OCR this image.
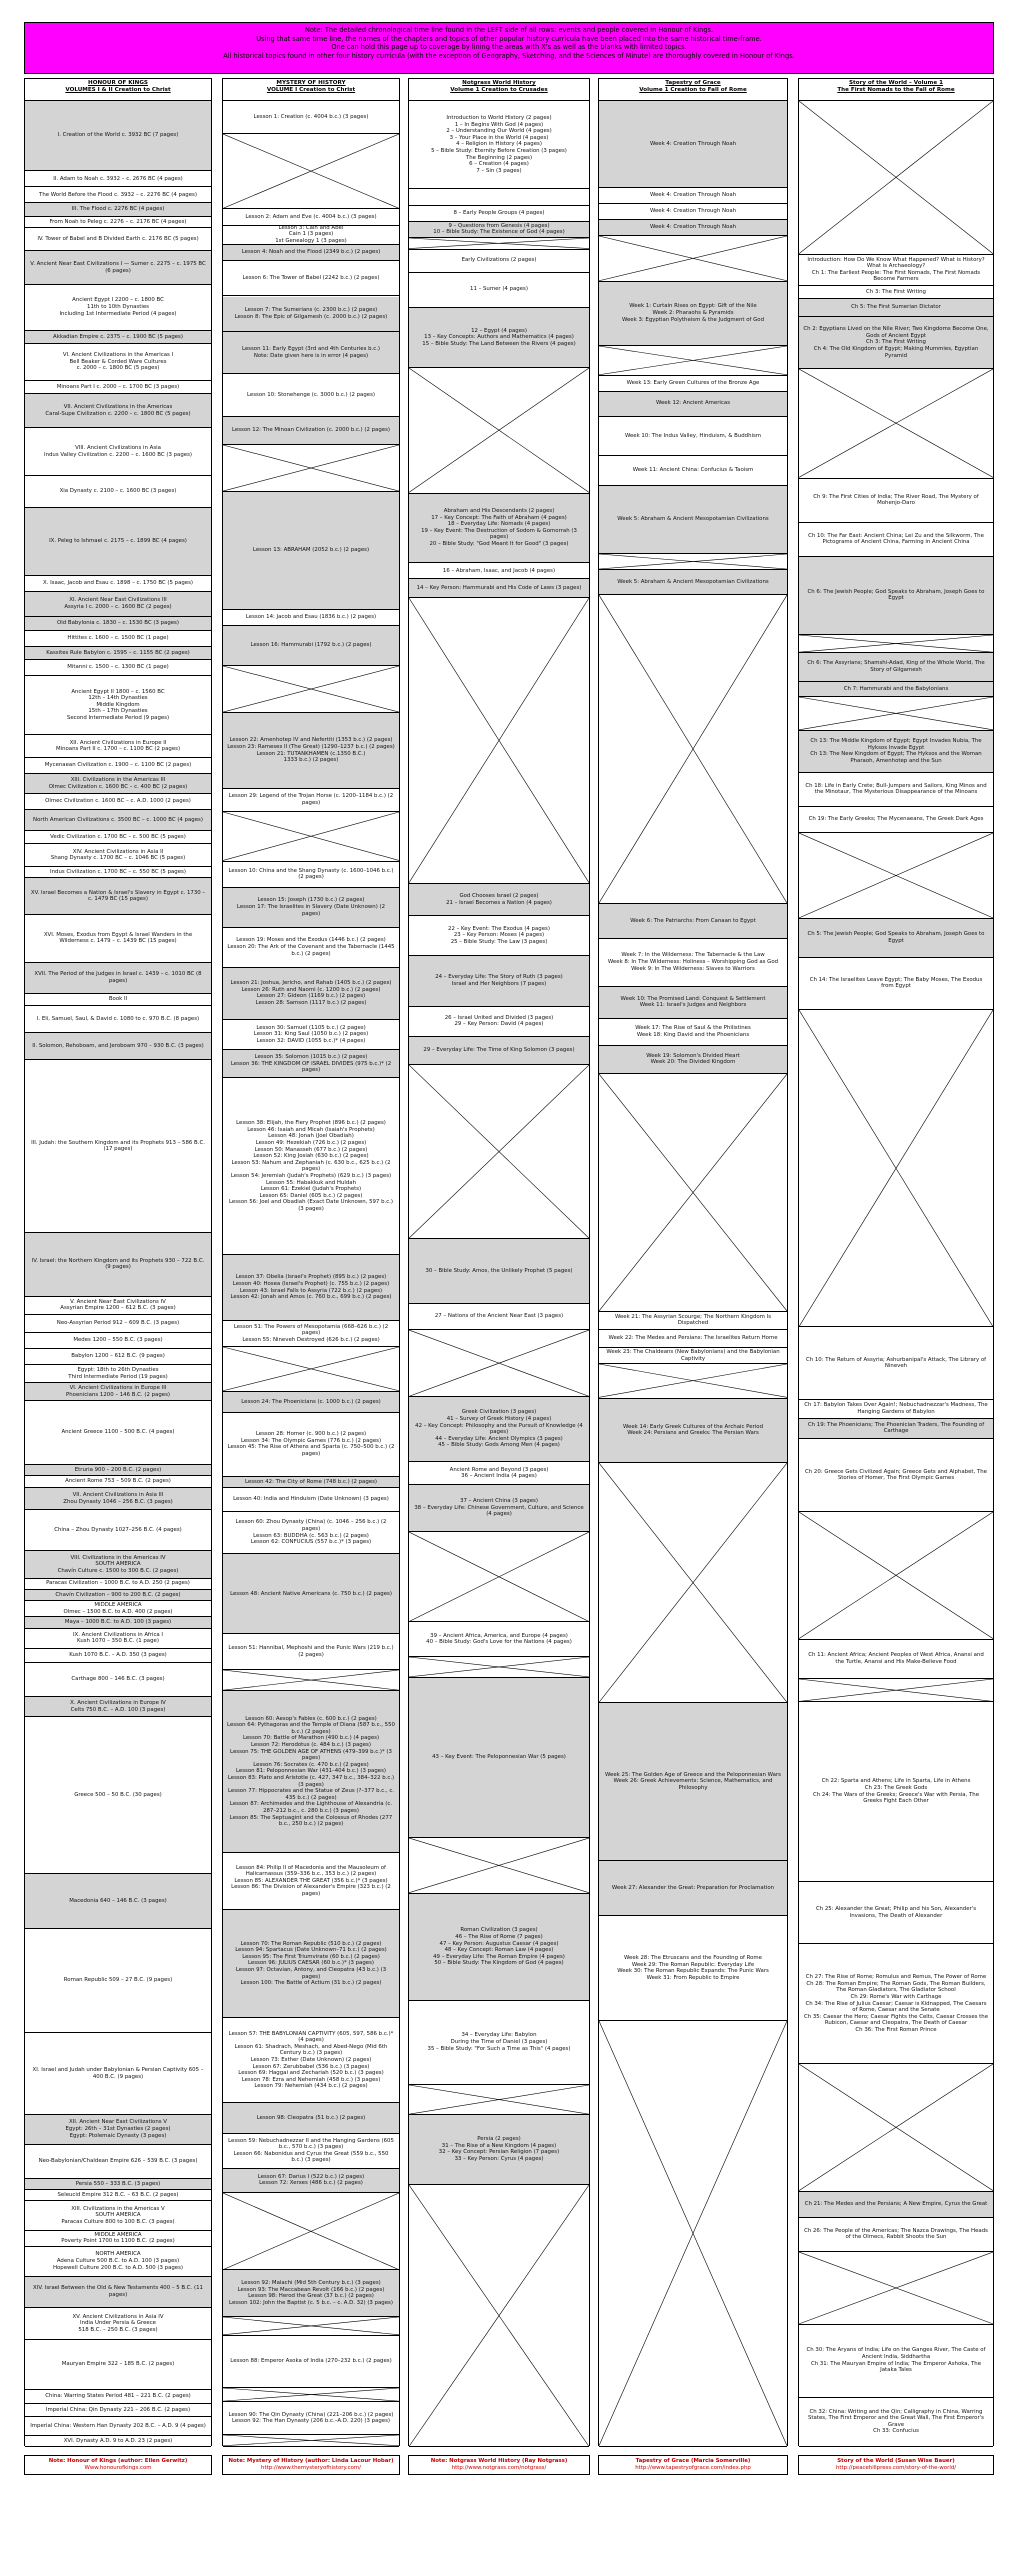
Note: The detailed chronological time line found in the LEFT side of all rows: events and people covered in Honour of Kings.
Using that same time line, the names of the chapters and topics of other popular history curricula have been placed into the same historical time-frame.
One can hold this page up to coverage by lining the areas with X's as well as the blanks with limited topics.
All historical topics found in other four history curricula (with the exception of Geography, Sketching, and the Sciences of Minute) are thoroughly covered in Honour of Kings.
HONOUR OF KINGS
VOLUMES I & II Creation to Christ
I. Creation of the World c. 3932 BC (7 pages)
II. Adam to Noah c. 3932 – c. 2676 BC (4 pages)
The World Before the Flood c. 3932 – c. 2276 BC (4 pages)
III. The Flood c. 2276 BC (4 pages)
From Noah to Peleg c. 2276 – c. 2176 BC (4 pages)
IV. Tower of Babel and B Divided Earth c. 2176 BC (5 pages)
V. Ancient Near East Civilizations I — Sumer c. 2275 – c. 1975 BC (6 pages)
Ancient Egypt I 2200 – c. 1800 BC
11th to 10th Dynasties
Including 1st Intermediate Period (4 pages)
Akkadian Empire c. 2375 – c. 1900 BC (5 pages)
VI. Ancient Civilizations in the Americas I
Bell Beaker & Corded Ware Cultures
c. 2000 – c. 1800 BC (5 pages)
Minoans Part I c. 2000 – c. 1700 BC (3 pages)
VII. Ancient Civilizations in the Americas
Caral-Supe Civilization c. 2200 – c. 1800 BC (5 pages)
VIII. Ancient Civilizations in Asia
Indus Valley Civilization c. 2200 – c. 1600 BC (3 pages)
Xia Dynasty c. 2100 – c. 1600 BC (3 pages)
IX. Peleg to Ishmael c. 2175 – c. 1899 BC (4 pages)
X. Isaac, Jacob and Esau c. 1898 – c. 1750 BC (5 pages)
XI. Ancient Near East Civilizations III
Assyria I c. 2000 – c. 1600 BC (2 pages)
Old Babylonia c. 1830 – c. 1530 BC (3 pages)
Hittites c. 1600 – c. 1500 BC (1 page)
Kassites Rule Babylon c. 1595 – c. 1155 BC (2 pages)
Mitanni c. 1500 – c. 1300 BC (1 page)
Ancient Egypt II 1800 – c. 1560 BC
12th – 14th Dynasties
Middle Kingdom
15th – 17th Dynasties
Second Intermediate Period (9 pages)
XII. Ancient Civilizations in Europe II
Minoans Part II c. 1700 – c. 1100 BC (2 pages)
Mycenaean Civilization c. 1900 – c. 1100 BC (2 pages)
XIII. Civilizations in the Americas III
Olmec Civilization c. 1600 BC – c. 400 BC (2 pages)
Olmec Civilization c. 1600 BC – c. A.D. 1000 (2 pages)
North American Civilizations c. 3500 BC – c. 1000 BC (4 pages)
Vedic Civilization c. 1700 BC – c. 500 BC (5 pages)
XIV. Ancient Civilizations in Asia II
Shang Dynasty c. 1700 BC – c. 1046 BC (5 pages)
Indus Civilization c. 1700 BC – c. 550 BC (5 pages)
XV. Israel Becomes a Nation & Israel's Slavery in Egypt c. 1730 – c. 1479 BC (15 pages)
XVI. Moses, Exodus from Egypt & Israel Wanders in the Wilderness c. 1479 – c. 1439 BC (15 pages)
XVII. The Period of the Judges in Israel c. 1439 – c. 1010 BC (8 pages)
Book II
I. Eli, Samuel, Saul, & David c. 1080 to c. 970 B.C. (8 pages)
II. Solomon, Rehoboam, and Jeroboam 970 – 930 B.C. (3 pages)
III. Judah: the Southern Kingdom and its Prophets 913 – 586 B.C. (17 pages)
IV. Israel: the Northern Kingdom and its Prophets 930 – 722 B.C. (9 pages)
V. Ancient Near East Civilizations IV
Assyrian Empire 1200 – 612 B.C. (3 pages)
Neo-Assyrian Period 912 – 609 B.C. (3 pages)
Medes 1200 – 550 B.C. (3 pages)
Babylon 1200 – 612 B.C. (9 pages)
Egypt: 18th to 26th Dynasties
Third Intermediate Period (19 pages)
VI. Ancient Civilizations in Europe III
Phoenicians 1200 – 146 B.C. (2 pages)
Ancient Greece 1100 – 500 B.C. (4 pages)
Etruria 900 – 200 B.C. (2 pages)
Ancient Rome 753 – 509 B.C. (2 pages)
VII. Ancient Civilizations in Asia III
Zhou Dynasty 1046 – 256 B.C. (3 pages)
China – Zhou Dynasty 1027–256 B.C. (4 pages)
VIII. Civilizations in the Americas IV
SOUTH AMERICA
Chavín Culture c. 1500 to 300 B.C. (2 pages)
Paracas Civilization – 1000 B.C. to A.D. 250 (2 pages)
Chavín Civilization – 900 to 200 B.C. (2 pages)
MIDDLE AMERICA
Olmec – 1500 B.C. to A.D. 400 (2 pages)
Maya – 1000 B.C. to A.D. 100 (3 pages)
IX. Ancient Civilizations in Africa I
Kush 1070 – 350 B.C. (1 page)
Kush 1070 B.C. – A.D. 350 (3 pages)
Carthage 800 – 146 B.C. (3 pages)
X. Ancient Civilizations in Europe IV
Celts 750 B.C. – A.D. 100 (3 pages)
Greece 500 – 50 B.C. (30 pages)
Macedonia 640 – 146 B.C. (3 pages)
Roman Republic 509 – 27 B.C. (9 pages)
XI. Israel and Judah under Babylonian & Persian Captivity 605 – 400 B.C. (9 pages)
XII. Ancient Near East Civilizations V
Egypt: 26th – 31st Dynasties (2 pages)
Egypt: Ptolemaic Dynasty (3 pages)
Neo-Babylonian/Chaldean Empire 626 – 539 B.C. (3 pages)
Persia 550 – 333 B.C. (3 pages)
Seleucid Empire 312 B.C. – 63 B.C. (2 pages)
XIII. Civilizations in the Americas V
SOUTH AMERICA
Paracas Culture 800 to 100 B.C. (3 pages)
MIDDLE AMERICA
Poverty Point 1700 to 1100 B.C. (2 pages)
NORTH AMERICA
Adena Culture 500 B.C. to A.D. 100 (3 pages)
Hopewell Culture 200 B.C. to A.D. 500 (3 pages)
XIV. Israel Between the Old & New Testaments 400 – 5 B.C. (11 pages)
XV. Ancient Civilizations in Asia IV
India Under Persia & Greece
518 B.C. – 250 B.C. (3 pages)
Mauryan Empire 322 – 185 B.C. (2 pages)
China: Warring States Period 481 – 221 B.C. (2 pages)
Imperial China: Qin Dynasty 221 – 206 B.C. (2 pages)
Imperial China: Western Han Dynasty 202 B.C. – A.D. 9 (4 pages)
XVI. Dynasty A.D. 9 to A.D. 23 (2 pages)
MYSTERY OF HISTORY
VOLUME I Creation to Christ
Lesson 1: Creation (c. 4004 b.c.) (3 pages)
Lesson 2: Adam and Eve (c. 4004 b.c.) (3 pages)
Lesson 3: Cain and Abel
Cain 1 (3 pages)
1st Genealogy 1 (3 pages)
Lesson 4: Noah and the Flood (2349 b.c.) (2 pages)
Lesson 6: The Tower of Babel (2242 b.c.) (2 pages)
Lesson 7: The Sumerians (c. 2300 b.c.) (2 pages)
Lesson 8: The Epic of Gilgamesh (c. 2000 b.c.) (2 pages)
Lesson 11: Early Egypt (3rd and 4th Centuries b.c.)
Note: Date given here is in error (4 pages)
Lesson 10: Stonehenge (c. 3000 b.c.) (2 pages)
Lesson 12: The Minoan Civilization (c. 2000 b.c.) (2 pages)
Lesson 13: ABRAHAM (2052 b.c.) (2 pages)
Lesson 14: Jacob and Esau (1836 b.c.) (2 pages)
Lesson 16: Hammurabi (1792 b.c.) (2 pages)
Lesson 22: Amenhotep IV and Nefertiti (1353 b.c.) (2 pages)
Lesson 23: Rameses II (The Great) (1290–1237 b.c.) (2 pages)
Lesson 21: TUTANKHAMEN (c.1350 B.C.)
1333 b.c.) (2 pages)
Lesson 29: Legend of the Trojan Horse (c. 1200–1184 b.c.) (2 pages)
Lesson 10: China and the Shang Dynasty (c. 1600–1046 b.c.) (2 pages)
Lesson 15: Joseph (1730 b.c.) (2 pages)
Lesson 17: The Israelites in Slavery (Date Unknown) (2 pages)
Lesson 19: Moses and the Exodus (1446 b.c.) (2 pages)
Lesson 20: The Ark of the Covenant and the Tabernacle (1445 b.c.) (2 pages)
Lesson 21: Joshua, Jericho, and Rahab (1405 b.c.) (2 pages)
Lesson 26: Ruth and Naomi (c. 1200 b.c.) (2 pages)
Lesson 27: Gideon (1169 b.c.) (2 pages)
Lesson 28: Samson (1117 b.c.) (2 pages)
Lesson 30: Samuel (1105 b.c.) (2 pages)
Lesson 31: King Saul (1050 b.c.) (2 pages)
Lesson 32: DAVID (1055 b.c.)* (4 pages)
Lesson 35: Solomon (1015 b.c.) (2 pages)
Lesson 36: THE KINGDOM OF ISRAEL DIVIDES (975 b.c.)* (2 pages)
Lesson 38: Elijah, the Fiery Prophet (896 b.c.) (2 pages)
Lesson 46: Isaiah and Micah (Isaiah's Prophets)
Lesson 48: Jonah (Joel Obadiah)
Lesson 49: Hezekiah (726 b.c.) (2 pages)
Lesson 50: Manasseh (677 b.c.) (2 pages)
Lesson 52: King Josiah (630 b.c.) (2 pages)
Lesson 53: Nahum and Zephaniah (c. 630 b.c., 625 b.c.) (2 pages)
Lesson 54: Jeremiah (Judah's Prophets) (629 b.c.) (3 pages)
Lesson 55: Habakkuk and Huldah
Lesson 61: Ezekiel (Judah's Prophets)
Lesson 65: Daniel (605 b.c.) (2 pages)
Lesson 56: Joel and Obadiah (Exact Date Unknown, 597 b.c.) (3 pages)
Lesson 37: Obelia (Israel's Prophet) (895 b.c.) (2 pages)
Lesson 40: Hosea (Israel's Prophet) (c. 755 b.c.) (2 pages)
Lesson 43: Israel Falls to Assyria (722 b.c.) (2 pages)
Lesson 42: Jonah and Amos (c. 760 b.c., 699 b.c.) (2 pages)
Lesson 51: The Powers of Mesopotamia (668–626 b.c.) (2 pages)
Lesson 55: Nineveh Destroyed (626 b.c.) (2 pages)
Lesson 24: The Phoenicians (c. 1000 b.c.) (2 pages)
Lesson 28: Homer (c. 900 b.c.) (2 pages)
Lesson 34: The Olympic Games (776 b.c.) (2 pages)
Lesson 45: The Rise of Athens and Sparta (c. 750–500 b.c.) (2 pages)
Lesson 42: The City of Rome (748 b.c.) (2 pages)
Lesson 40: India and Hinduism (Date Unknown) (3 pages)
Lesson 60: Zhou Dynasty (China) (c. 1046 – 256 b.c.) (2 pages)
Lesson 63: BUDDHA (c. 563 b.c.) (2 pages)
Lesson 62: CONFUCIUS (557 b.c.)* (3 pages)
Lesson 48: Ancient Native Americans (c. 750 b.c.) (2 pages)
Lesson 51: Hannibal, Mephoshi and the Punic Wars (219 b.c.) (2 pages)
Lesson 60: Aesop's Fables (c. 600 b.c.) (2 pages)
Lesson 64: Pythagoras and the Temple of Diana (587 b.c., 550 b.c.) (2 pages)
Lesson 70: Battle of Marathon (490 b.c.) (4 pages)
Lesson 72: Herodotus (c. 484 b.c.) (3 pages)
Lesson 75: THE GOLDEN AGE OF ATHENS (479–399 b.c.)* (3 pages)
Lesson 76: Socrates (c. 470 b.c.) (2 pages)
Lesson 81: Peloponnesian War (431–404 b.c.) (3 pages)
Lesson 83: Plato and Aristotle (c. 427, 347 b.c., 384–322 b.c.) (3 pages)
Lesson 77: Hippocrates and the Statue of Zeus (?–377 b.c., c. 435 b.c.) (2 pages)
Lesson 87: Archimedes and the Lighthouse of Alexandria (c. 287–212 b.c., c. 280 b.c.) (3 pages)
Lesson 85: The Septuagint and the Colossus of Rhodes (277 b.c., 250 b.c.) (2 pages)
Lesson 84: Philip II of Macedonia and the Mausoleum of Halicarnassus (359–336 b.c., 353 b.c.) (2 pages)
Lesson 85: ALEXANDER THE GREAT (356 b.c.)* (3 pages)
Lesson 86: The Division of Alexander's Empire (323 b.c.) (2 pages)
Lesson 70: The Roman Republic (510 b.c.) (2 pages)
Lesson 94: Spartacus (Date Unknown–71 b.c.) (2 pages)
Lesson 95: The First Triumvirate (60 b.c.) (2 pages)
Lesson 96: JULIUS CAESAR (60 b.c.)* (3 pages)
Lesson 97: Octavian, Antony, and Cleopatra (43 b.c.) (3 pages)
Lesson 100: The Battle of Actium (31 b.c.) (2 pages)
Lesson 57: THE BABYLONIAN CAPTIVITY (605, 597, 586 b.c.)* (4 pages)
Lesson 61: Shadrach, Meshach, and Abed-Nego (Mid 6th Century b.c.) (3 pages)
Lesson 73: Esther (Date Unknown) (2 pages)
Lesson 67: Zerubbabel (536 b.c.) (3 pages)
Lesson 69: Haggai and Zechariah (520 b.c.) (3 pages)
Lesson 78: Ezra and Nehemiah (458 b.c.) (3 pages)
Lesson 79: Nehemiah (434 b.c.) (2 pages)
Lesson 98: Cleopatra (51 b.c.) (2 pages)
Lesson 59: Nebuchadnezzar II and the Hanging Gardens (605 b.c., 570 b.c.) (3 pages)
Lesson 66: Nabonidus and Cyrus the Great (559 b.c., 550 b.c.) (3 pages)
Lesson 67: Darius I (522 b.c.) (2 pages)
Lesson 72: Xerxes (486 b.c.) (2 pages)
Lesson 92: Malachi (Mid 5th Century b.c.) (3 pages)
Lesson 93: The Maccabean Revolt (166 b.c.) (2 pages)
Lesson 98: Herod the Great (37 b.c.) (2 pages)
Lesson 102: John the Baptist (c. 5 b.c. – c. A.D. 32) (3 pages)
Lesson 88: Emperor Asoka of India (270–232 b.c.) (2 pages)
Lesson 90: The Qin Dynasty (China) (221–206 b.c.) (2 pages)
Lesson 92: The Han Dynasty (206 b.c.–A.D. 220) (3 pages)
Notgrass World History
Volume 1 Creation to Crusades
Introduction to World History (2 pages)
1 – In Begins With God (4 pages)
2 – Understanding Our World (4 pages)
3 – Your Place in the World (4 pages)
4 – Religion in History (4 pages)
5 – Bible Study: Eternity Before Creation (3 pages)
The Beginning (2 pages)
6 – Creation (4 pages)
7 – Sin (3 pages)
8 – Early People Groups (4 pages)
9 – Questions from Genesis (4 pages)
10 – Bible Study: The Existence of God (4 pages)
Early Civilizations (2 pages)
11 – Sumer (4 pages)
12 – Egypt (4 pages)
13 – Key Concepts: Authors and Mathematics (4 pages)
15 – Bible Study: The Land Between the Rivers (4 pages)
Abraham and His Descendants (2 pages)
17 – Key Concept: The Faith of Abraham (4 pages)
18 – Everyday Life: Nomads (4 pages)
19 – Key Event: The Destruction of Sodom & Gomorrah (3 pages)
20 – Bible Study: "God Meant It for Good" (3 pages)
16 – Abraham, Isaac, and Jacob (4 pages)
14 – Key Person: Hammurabi and His Code of Laws (3 pages)
God Chooses Israel (2 pages)
21 – Israel Becomes a Nation (4 pages)
22 – Key Event: The Exodus (4 pages)
23 – Key Person: Moses (4 pages)
25 – Bible Study: The Law (3 pages)
24 – Everyday Life: The Story of Ruth (3 pages)
Israel and Her Neighbors (7 pages)
26 – Israel United and Divided (3 pages)
29 – Key Person: David (4 pages)
29 – Everyday Life: The Time of King Solomon (3 pages)
30 – Bible Study: Amos, the Unlikely Prophet (5 pages)
27 – Nations of the Ancient Near East (3 pages)
Greek Civilization (3 pages)
41 – Survey of Greek History (4 pages)
42 – Key Concept: Philosophy and the Pursuit of Knowledge (4 pages)
44 – Everyday Life: Ancient Olympics (3 pages)
45 – Bible Study: Gods Among Men (4 pages)
Ancient Rome and Beyond (3 pages)
36 – Ancient India (4 pages)
37 – Ancient China (3 pages)
38 – Everyday Life: Chinese Government, Culture, and Science (4 pages)
39 – Ancient Africa, America, and Europe (4 pages)
40 – Bible Study: God's Love for the Nations (4 pages)
43 – Key Event: The Peloponnesian War (5 pages)
Roman Civilization (3 pages)
46 – The Rise of Rome (7 pages)
47 – Key Person: Augustus Caesar (4 pages)
48 – Key Concept: Roman Law (4 pages)
49 – Everyday Life: The Roman Empire (4 pages)
50 – Bible Study: The Kingdom of God (4 pages)
34 – Everyday Life: Babylon
During the Time of Daniel (3 pages)
35 – Bible Study: "For Such a Time as This" (4 pages)
Persia (2 pages)
31 – The Rise of a New Kingdom (4 pages)
32 – Key Concept: Persian Religion (7 pages)
33 – Key Person: Cyrus (4 pages)
Tapestry of Grace
Volume 1 Creation to Fall of Rome
Week 4: Creation Through Noah
Week 4: Creation Through Noah
Week 4: Creation Through Noah
Week 4: Creation Through Noah
Week 1: Curtain Rises on Egypt: Gift of the Nile
Week 2: Pharaohs & Pyramids
Week 3: Egyptian Polytheism & the Judgment of God
Week 13: Early Green Cultures of the Bronze Age
Week 12: Ancient Americas
Week 10: The Indus Valley, Hinduism, & Buddhism
Week 11: Ancient China: Confucius & Taoism
Week 5: Abraham & Ancient Mesopotamian Civilizations
Week 5: Abraham & Ancient Mesopotamian Civilizations
Week 6: The Patriarchs: From Canaan to Egypt
Week 7: In the Wilderness: The Tabernacle & the Law
Week 8: In The Wilderness: Holiness – Worshipping God as God
Week 9: In The Wilderness: Slaves to Warriors
Week 10: The Promised Land: Conquest & Settlement
Week 11: Israel's Judges and Neighbors
Week 17: The Rise of Saul & the Philistines
Week 18: King David and the Phoenicians
Week 19: Solomon's Divided Heart
Week 20: The Divided Kingdom
Week 21: The Assyrian Scourge; The Northern Kingdom Is Dispatched
Week 22: The Medes and Persians: The Israelites Return Home
Week 23: The Chaldeans (New Babylonians) and the Babylonian Captivity
Week 14: Early Greek Cultures of the Archaic Period
Week 24: Persians and Greeks: The Persian Wars
Week 25: The Golden Age of Greece and the Peloponnesian Wars
Week 26: Greek Achievements: Science, Mathematics, and Philosophy
Week 27: Alexander the Great: Preparation for Proclamation
Week 28: The Etruscans and the Founding of Rome
Week 29: The Roman Republic: Everyday Life
Week 30: The Roman Republic Expands: The Punic Wars
Week 31: From Republic to Empire
Story of the World – Volume 1
The First Nomads to the Fall of Rome
Introduction: How Do We Know What Happened? What is History? What is Archaeology?
Ch 1: The Earliest People: The First Nomads, The First Nomads Become Farmers
Ch 3: The First Writing
Ch 5: The First Sumerian Dictator
Ch 2: Egyptians Lived on the Nile River; Two Kingdoms Become One, Gods of Ancient Egypt
Ch 3: The First Writing
Ch 4: The Old Kingdom of Egypt; Making Mummies, Egyptian Pyramid
Ch 9: The First Cities of India; The River Road, The Mystery of Mohenjo-Daro
Ch 10: The Far East: Ancient China; Lei Zu and the Silkworm, The Pictograms of Ancient China, Farming in Ancient China
Ch 6: The Jewish People; God Speaks to Abraham, Joseph Goes to Egypt
Ch 6: The Assyrians; Shamshi-Adad, King of the Whole World, The Story of Gilgamesh
Ch 7: Hammurabi and the Babylonians
Ch 13: The Middle Kingdom of Egypt; Egypt Invades Nubia, The Hyksos Invade Egypt
Ch 13: The New Kingdom of Egypt; The Hyksos and the Woman Pharaoh, Amenhotep and the Sun
Ch 18: Life in Early Crete; Bull-Jumpers and Sailors, King Minos and the Minotaur, The Mysterious Disappearance of the Minoans
Ch 19: The Early Greeks; The Mycenaeans, The Greek Dark Ages
Ch 5: The Jewish People; God Speaks to Abraham, Joseph Goes to Egypt
Ch 14: The Israelites Leave Egypt; The Baby Moses, The Exodus from Egypt
Ch 10: The Return of Assyria; Ashurbanipal's Attack, The Library of Nineveh
Ch 17: Babylon Takes Over Again!; Nebuchadnezzar's Madness, The Hanging Gardens of Babylon
Ch 19: The Phoenicians; The Phoenician Traders, The Founding of Carthage
Ch 20: Greece Gets Civilized Again; Greece Gets and Alphabet, The Stories of Homer, The First Olympic Games
Ch 11: Ancient Africa; Ancient Peoples of West Africa, Anansi and the Turtle, Anansi and His Make-Believe Food
Ch 22: Sparta and Athens; Life in Sparta, Life in Athens
Ch 23: The Greek Gods
Ch 24: The Wars of the Greeks; Greece's War with Persia, The Greeks Fight Each Other
Ch 25: Alexander the Great; Philip and his Son, Alexander's Invasions, The Death of Alexander
Ch 27: The Rise of Rome; Romulus and Remus, The Power of Rome
Ch 28: The Roman Empire; The Roman Gods, The Roman Builders, The Roman Gladiators, The Gladiator School
Ch 29: Rome's War with Carthage
Ch 34: The Rise of Julius Caesar; Caesar is Kidnapped, The Caesars of Rome, Caesar and the Senate
Ch 35: Caesar the Hero; Caesar Fights the Celts, Caesar Crosses the Rubicon, Caesar and Cleopatra, The Death of Caesar
Ch 36: The First Roman Prince
Ch 21: The Medes and the Persians; A New Empire, Cyrus the Great
Ch 26: The People of the Americas; The Nazca Drawings, The Heads of the Olmecs, Rabbit Shoots the Sun
Ch 30: The Aryans of India; Life on the Ganges River, The Caste of Ancient India, Siddhartha
Ch 31: The Mauryan Empire of India; The Emperor Ashoka, The Jataka Tales
Ch 32: China: Writing and the Qin; Calligraphy in China, Warring States, The First Emperor and the Great Wall, The First Emperor's Grave
Ch 33: Confucius
Note: Honour of Kings (author: Ellen Gerwitz)
Www.honourofkings.com
Note: Mystery of History (author: Linda Lacour Hobar)
http://www.themysteryofhistory.com/
Note: Notgrass World History (Ray Notgrass)
http://www.notgrass.com/notgrass/
Tapestry of Grace (Marcia Somerville)
http://www.tapestryofgrace.com/index.php
Story of the World (Susan Wise Bauer)
http://peacehillpress.com/story-of-the-world/
